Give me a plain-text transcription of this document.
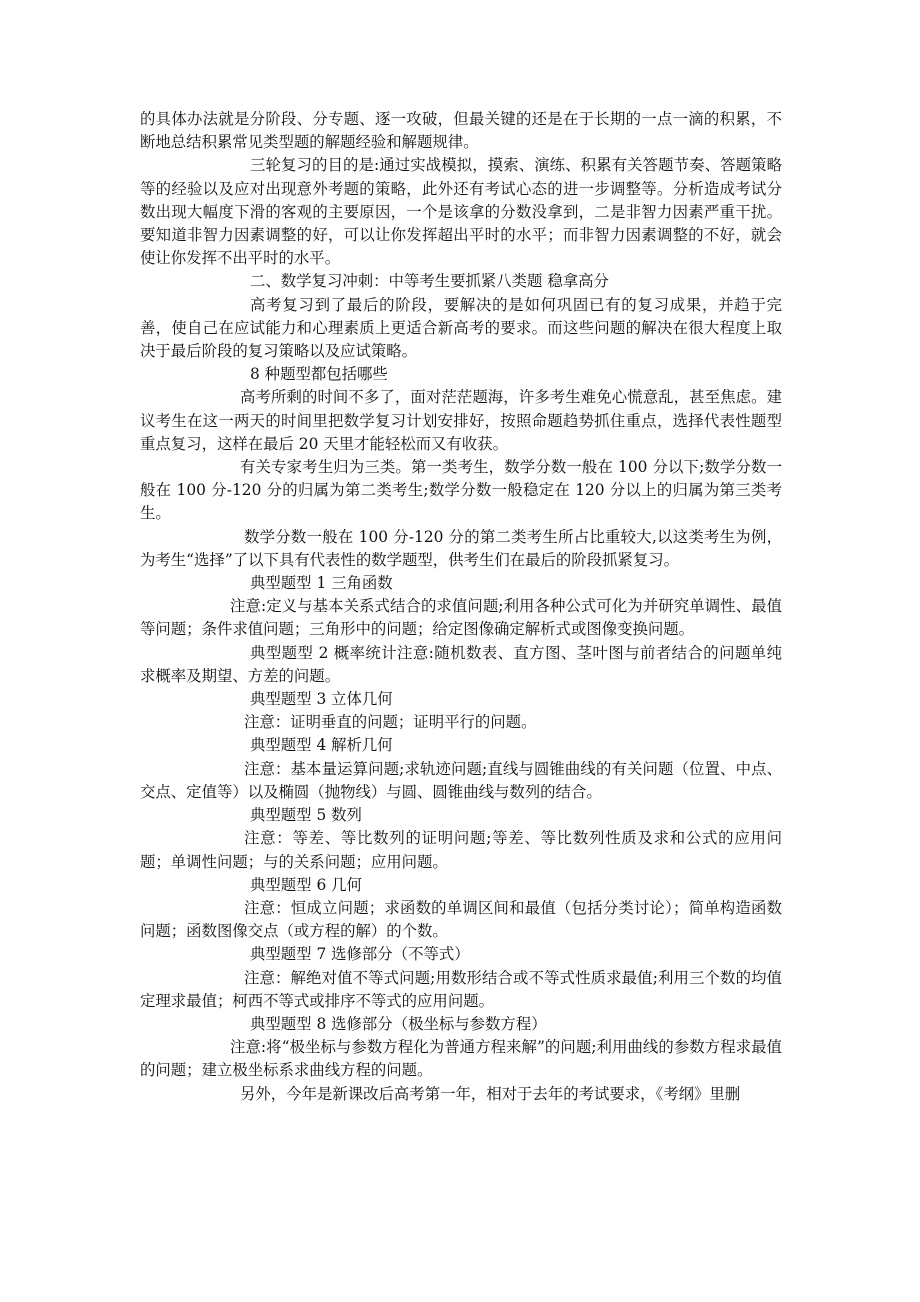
的具体办法就是分阶段、分专题、逐一攻破，但最关键的还是在于长期的一点一滴的积累，不断地总结积累常见类型题的解题经验和解题规律。

三轮复习的目的是:通过实战模拟，摸索、演练、积累有关答题节奏、答题策略等的经验以及应对出现意外考题的策略，此外还有考试心态的进一步调整等。分析造成考试分数出现大幅度下滑的客观的主要原因，一个是该拿的分数没拿到，二是非智力因素严重干扰。要知道非智力因素调整的好，可以让你发挥超出平时的水平；而非智力因素调整的不好，就会使让你发挥不出平时的水平。

二、数学复习冲刺：中等考生要抓紧八类题 稳拿高分

高考复习到了最后的阶段，要解决的是如何巩固已有的复习成果，并趋于完善，使自己在应试能力和心理素质上更适合新高考的要求。而这些问题的解决在很大程度上取决于最后阶段的复习策略以及应试策略。

8 种题型都包括哪些

高考所剩的时间不多了，面对茫茫题海，许多考生难免心慌意乱，甚至焦虑。建议考生在这一两天的时间里把数学复习计划安排好，按照命题趋势抓住重点，选择代表性题型重点复习，这样在最后 20 天里才能轻松而又有收获。

有关专家考生归为三类。第一类考生，数学分数一般在 100 分以下;数学分数一般在 100 分-120 分的归属为第二类考生;数学分数一般稳定在 120 分以上的归属为第三类考生。

数学分数一般在 100 分-120 分的第二类考生所占比重较大,以这类考生为例，为考生“选择”了以下具有代表性的数学题型，供考生们在最后的阶段抓紧复习。

典型题型 1 三角函数

注意:定义与基本关系式结合的求值问题;利用各种公式可化为并研究单调性、最值等问题；条件求值问题；三角形中的问题；给定图像确定解析式或图像变换问题。

典型题型 2 概率统计注意:随机数表、直方图、茎叶图与前者结合的问题单纯求概率及期望、方差的问题。

典型题型 3 立体几何

注意：证明垂直的问题；证明平行的问题。

典型题型 4 解析几何

注意：基本量运算问题;求轨迹问题;直线与圆锥曲线的有关问题（位置、中点、交点、定值等）以及椭圆（抛物线）与圆、圆锥曲线与数列的结合。

典型题型 5 数列

注意：等差、等比数列的证明问题;等差、等比数列性质及求和公式的应用问题；单调性问题；与的关系问题；应用问题。

典型题型 6 几何

注意：恒成立问题；求函数的单调区间和最值（包括分类讨论）；简单构造函数问题；函数图像交点（或方程的解）的个数。

典型题型 7 选修部分（不等式）

注意：解绝对值不等式问题;用数形结合或不等式性质求最值;利用三个数的均值定理求最值；柯西不等式或排序不等式的应用问题。

典型题型 8 选修部分（极坐标与参数方程）

注意:将“极坐标与参数方程化为普通方程来解”的问题;利用曲线的参数方程求最值的问题；建立极坐标系求曲线方程的问题。

另外，今年是新课改后高考第一年，相对于去年的考试要求，《考纲》里删
